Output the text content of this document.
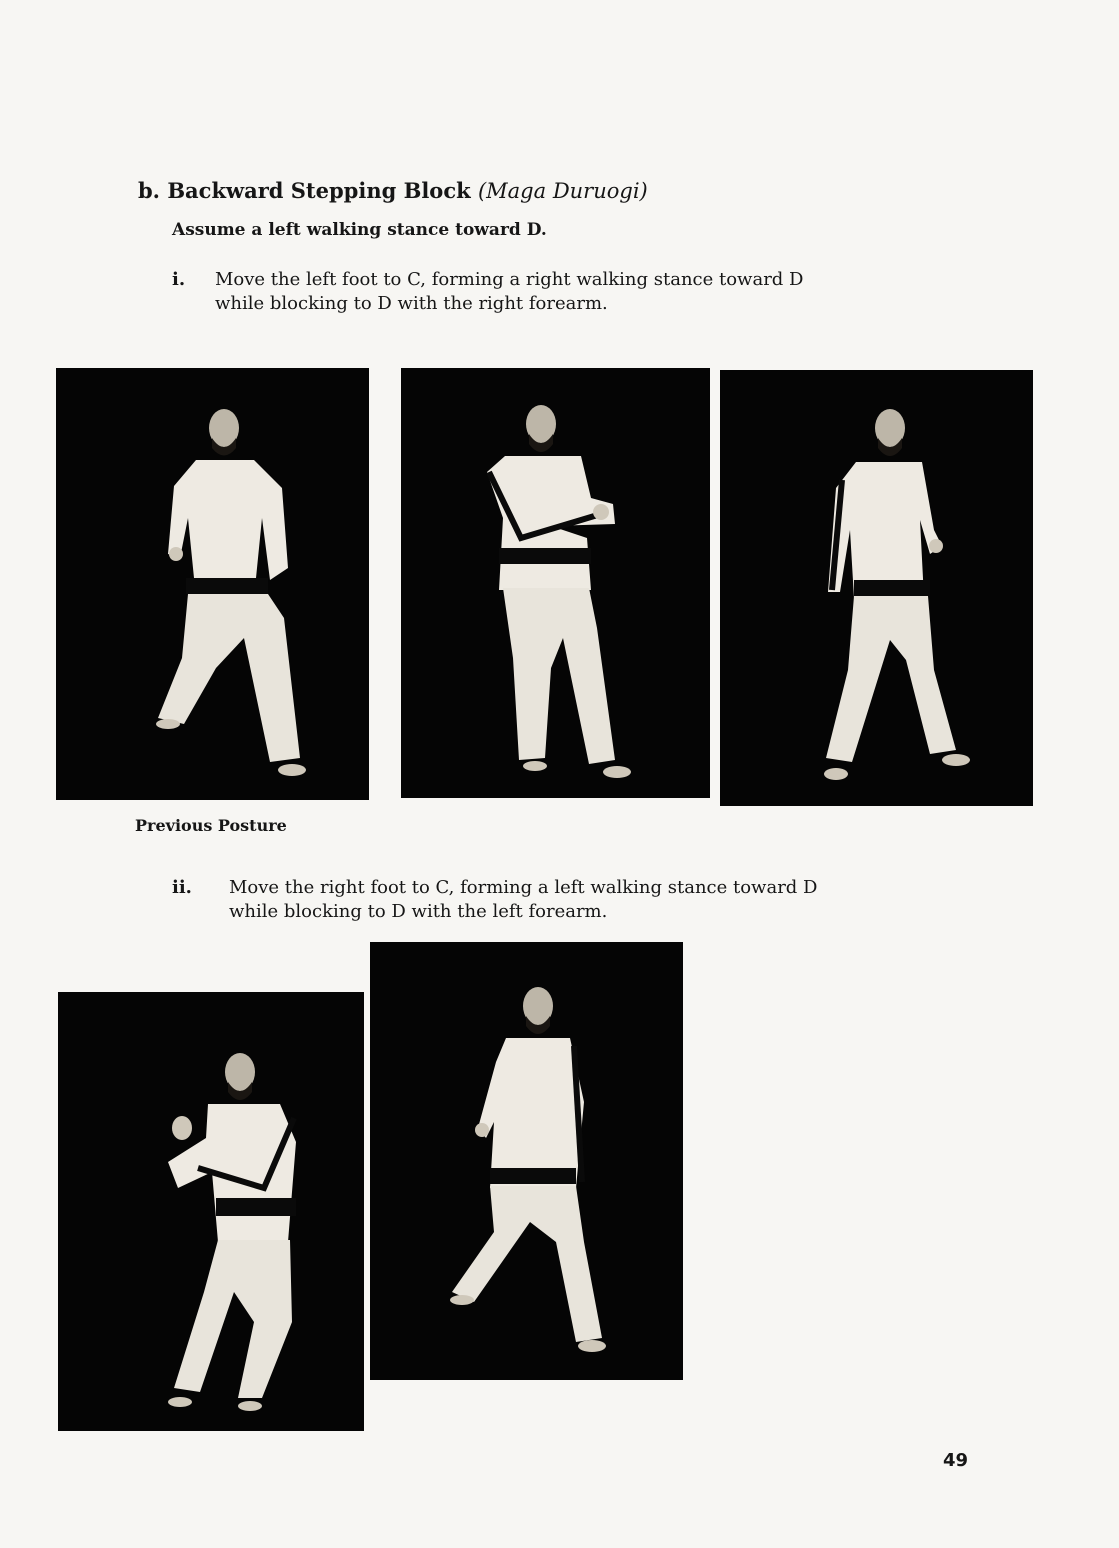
b. Backward Stepping Block (Maga Duruogi)
Assume a left walking stance toward D.
i. Move the left foot to C, forming a right walking stance toward D
while blocking to D with the right forearm.
Previous Posture
ii. Move the right foot to C, forming a left walking stance toward D
while blocking to D with the left forearm.
49
